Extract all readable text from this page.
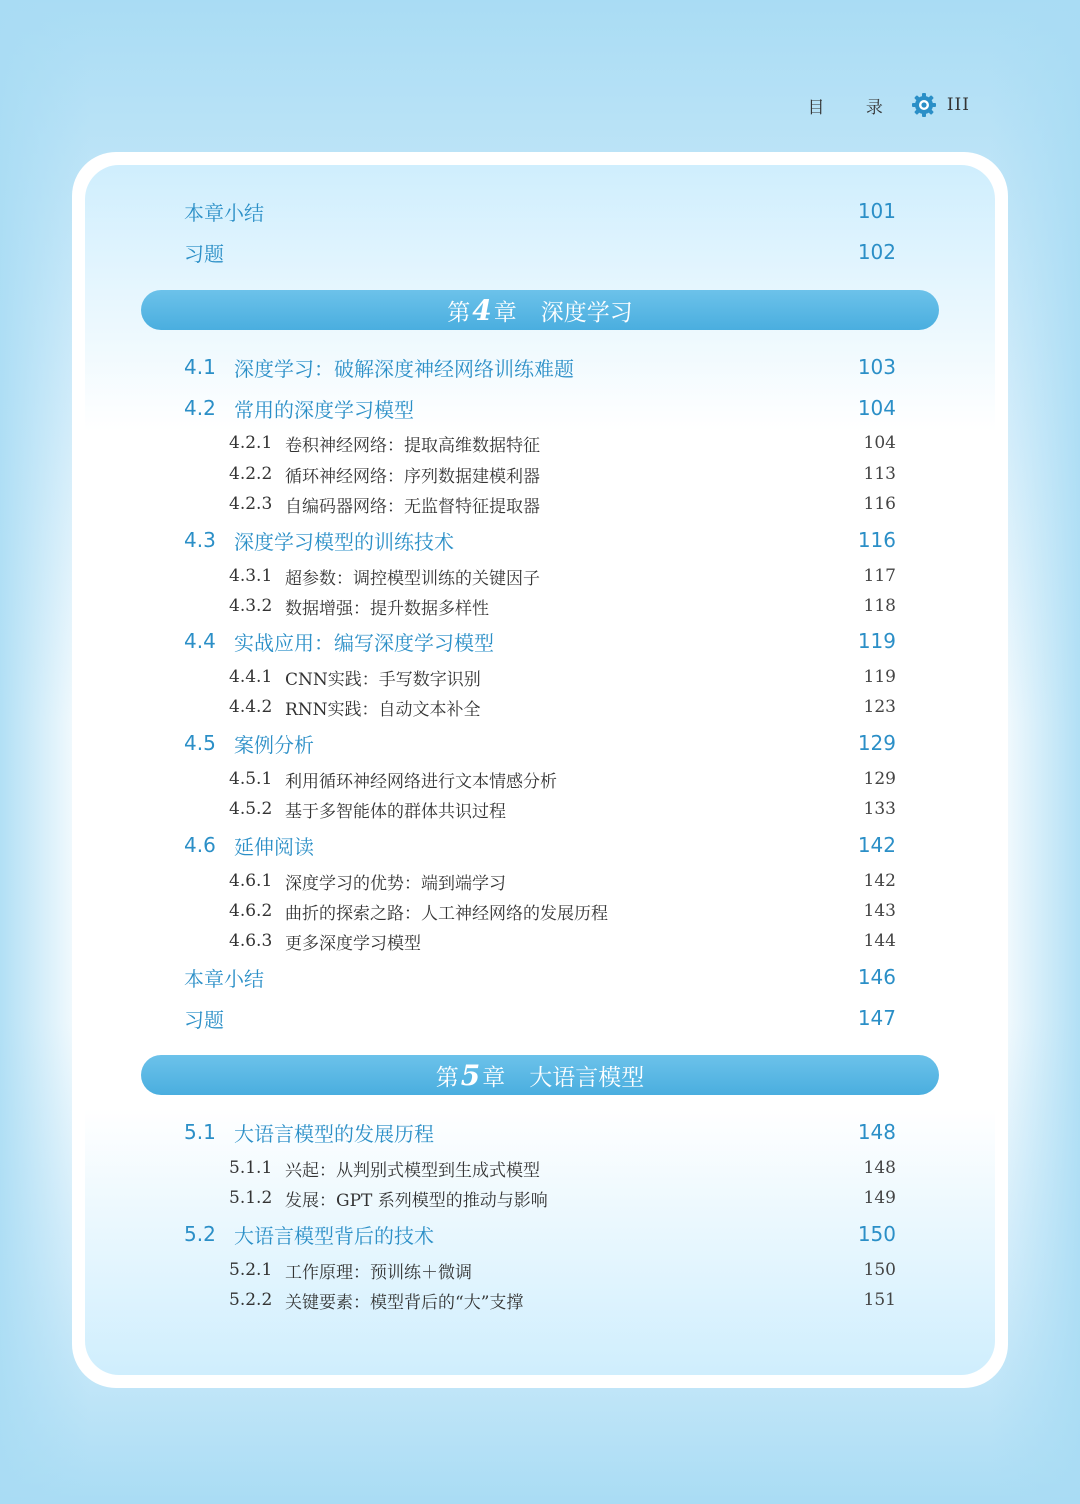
目 录	III
本章小结	101
习题	102
第 4 章 深度学习
4.1 深度学习：破解深度神经网络训练难题	103
4.2 常用的深度学习模型	104
4.2.1 卷积神经网络：提取高维数据特征	104
4.2.2 循环神经网络：序列数据建模利器	113
4.2.3 自编码器网络：无监督特征提取器	116
4.3 深度学习模型的训练技术	116
4.3.1 超参数：调控模型训练的关键因子	117
4.3.2 数据增强：提升数据多样性	118
4.4 实战应用：编写深度学习模型	119
4.4.1 CNN实践：手写数字识别	119
4.4.2 RNN实践：自动文本补全	123
4.5 案例分析	129
4.5.1 利用循环神经网络进行文本情感分析	129
4.5.2 基于多智能体的群体共识过程	133
4.6 延伸阅读	142
4.6.1 深度学习的优势：端到端学习	142
4.6.2 曲折的探索之路：人工神经网络的发展历程	143
4.6.3 更多深度学习模型	144
本章小结	146
习题	147
第 5 章 大语言模型
5.1 大语言模型的发展历程	148
5.1.1 兴起：从判别式模型到生成式模型	148
5.1.2 发展：GPT 系列模型的推动与影响	149
5.2 大语言模型背后的技术	150
5.2.1 工作原理：预训练＋微调	150
5.2.2 关键要素：模型背后的“大”支撑	151
